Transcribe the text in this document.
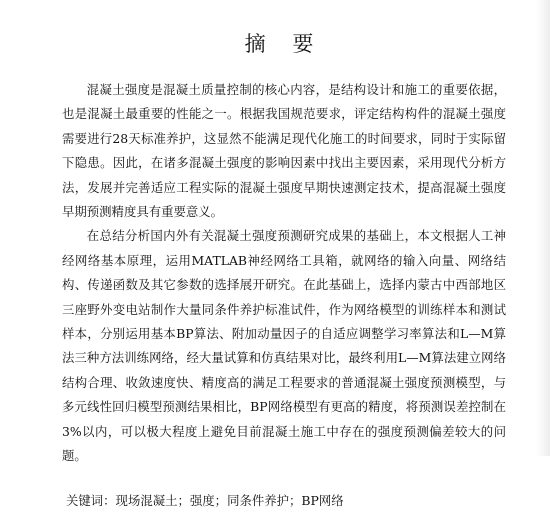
摘 要

混凝土强度是混凝土质量控制的核心内容，是结构设计和施工的重要依据，也是混凝土最重要的性能之一。根据我国规范要求，评定结构构件的混凝土强度需要进行28天标准养护，这显然不能满足现代化施工的时间要求，同时于实际留下隐患。因此，在诸多混凝土强度的影响因素中找出主要因素，采用现代分析方法，发展并完善适应工程实际的混凝土强度早期快速测定技术，提高混凝土强度早期预测精度具有重要意义。

在总结分析国内外有关混凝土强度预测研究成果的基础上，本文根据人工神经网络基本原理，运用MATLAB神经网络工具箱，就网络的输入向量、网络结构、传递函数及其它参数的选择展开研究。在此基础上，选择内蒙古中西部地区三座野外变电站制作大量同条件养护标准试件，作为网络模型的训练样本和测试样本，分别运用基本BP算法、附加动量因子的自适应调整学习率算法和L—M算法三种方法训练网络，经大量试算和仿真结果对比，最终利用L—M算法建立网络结构合理、收敛速度快、精度高的满足工程要求的普通混凝土强度预测模型，与多元线性回归模型预测结果相比，BP网络模型有更高的精度，将预测误差控制在3%以内，可以极大程度上避免目前混凝土施工中存在的强度预测偏差较大的问题。

关键词：现场混凝土；强度；同条件养护；BP网络
